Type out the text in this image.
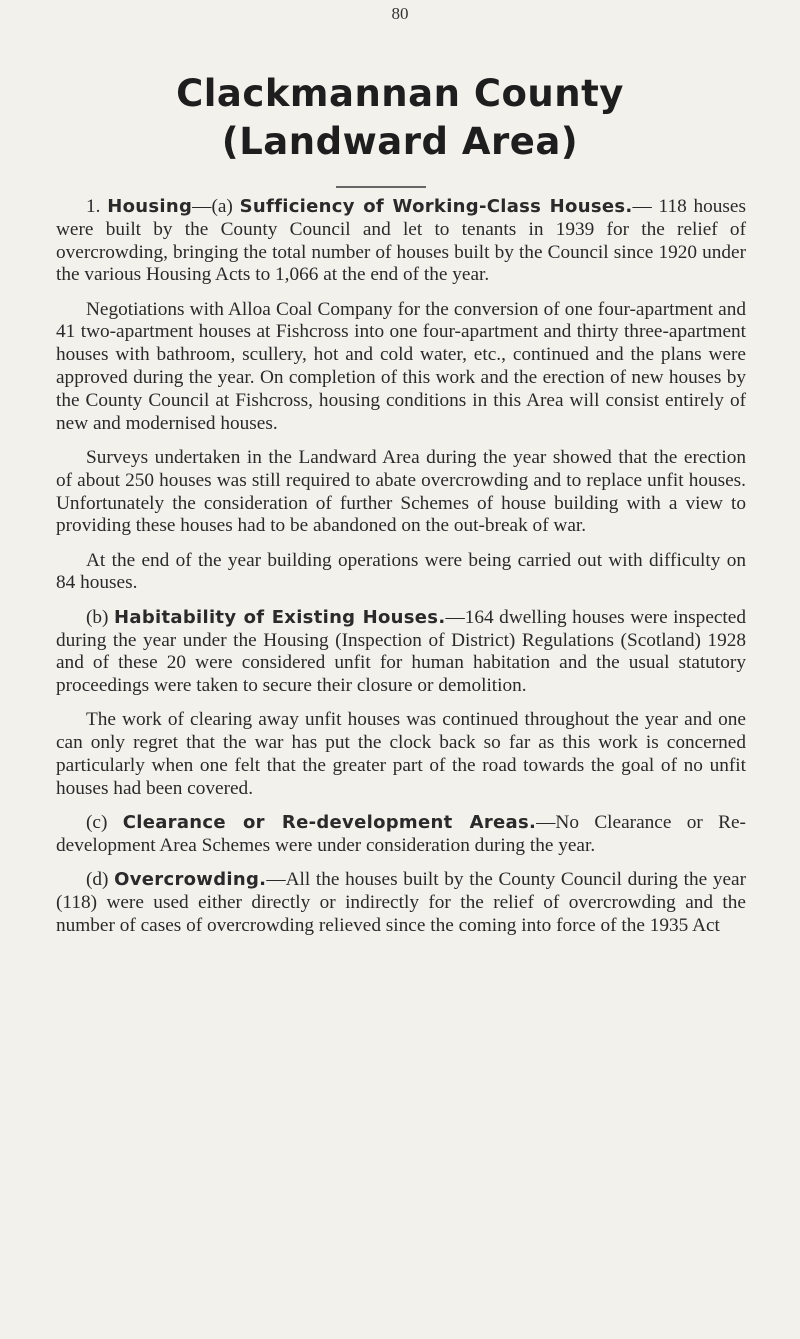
80
Clackmannan County
(Landward Area)

1. Housing—(a) Sufficiency of Working-Class Houses.— 118 houses were built by the County Council and let to tenants in 1939 for the relief of overcrowding, bringing the total number of houses built by the Council since 1920 under the various Housing Acts to 1,066 at the end of the year.

Negotiations with Alloa Coal Company for the conversion of one four-apartment and 41 two-apartment houses at Fishcross into one four-apartment and thirty three-apartment houses with bathroom, scullery, hot and cold water, etc., continued and the plans were approved during the year. On completion of this work and the erection of new houses by the County Council at Fishcross, housing conditions in this Area will consist entirely of new and modernised houses.

Surveys undertaken in the Landward Area during the year showed that the erection of about 250 houses was still required to abate overcrowding and to replace unfit houses. Unfortunately the consideration of further Schemes of house building with a view to providing these houses had to be abandoned on the out-break of war.

At the end of the year building operations were being carried out with difficulty on 84 houses.

(b) Habitability of Existing Houses.—164 dwelling houses were inspected during the year under the Housing (Inspection of District) Regulations (Scotland) 1928 and of these 20 were considered unfit for human habitation and the usual statutory proceedings were taken to secure their closure or demolition.

The work of clearing away unfit houses was continued throughout the year and one can only regret that the war has put the clock back so far as this work is concerned particularly when one felt that the greater part of the road towards the goal of no unfit houses had been covered.

(c) Clearance or Re-development Areas.—No Clearance or Re-development Area Schemes were under consideration during the year.

(d) Overcrowding.—All the houses built by the County Council during the year (118) were used either directly or indirectly for the relief of overcrowding and the number of cases of overcrowding relieved since the coming into force of the 1935 Act
